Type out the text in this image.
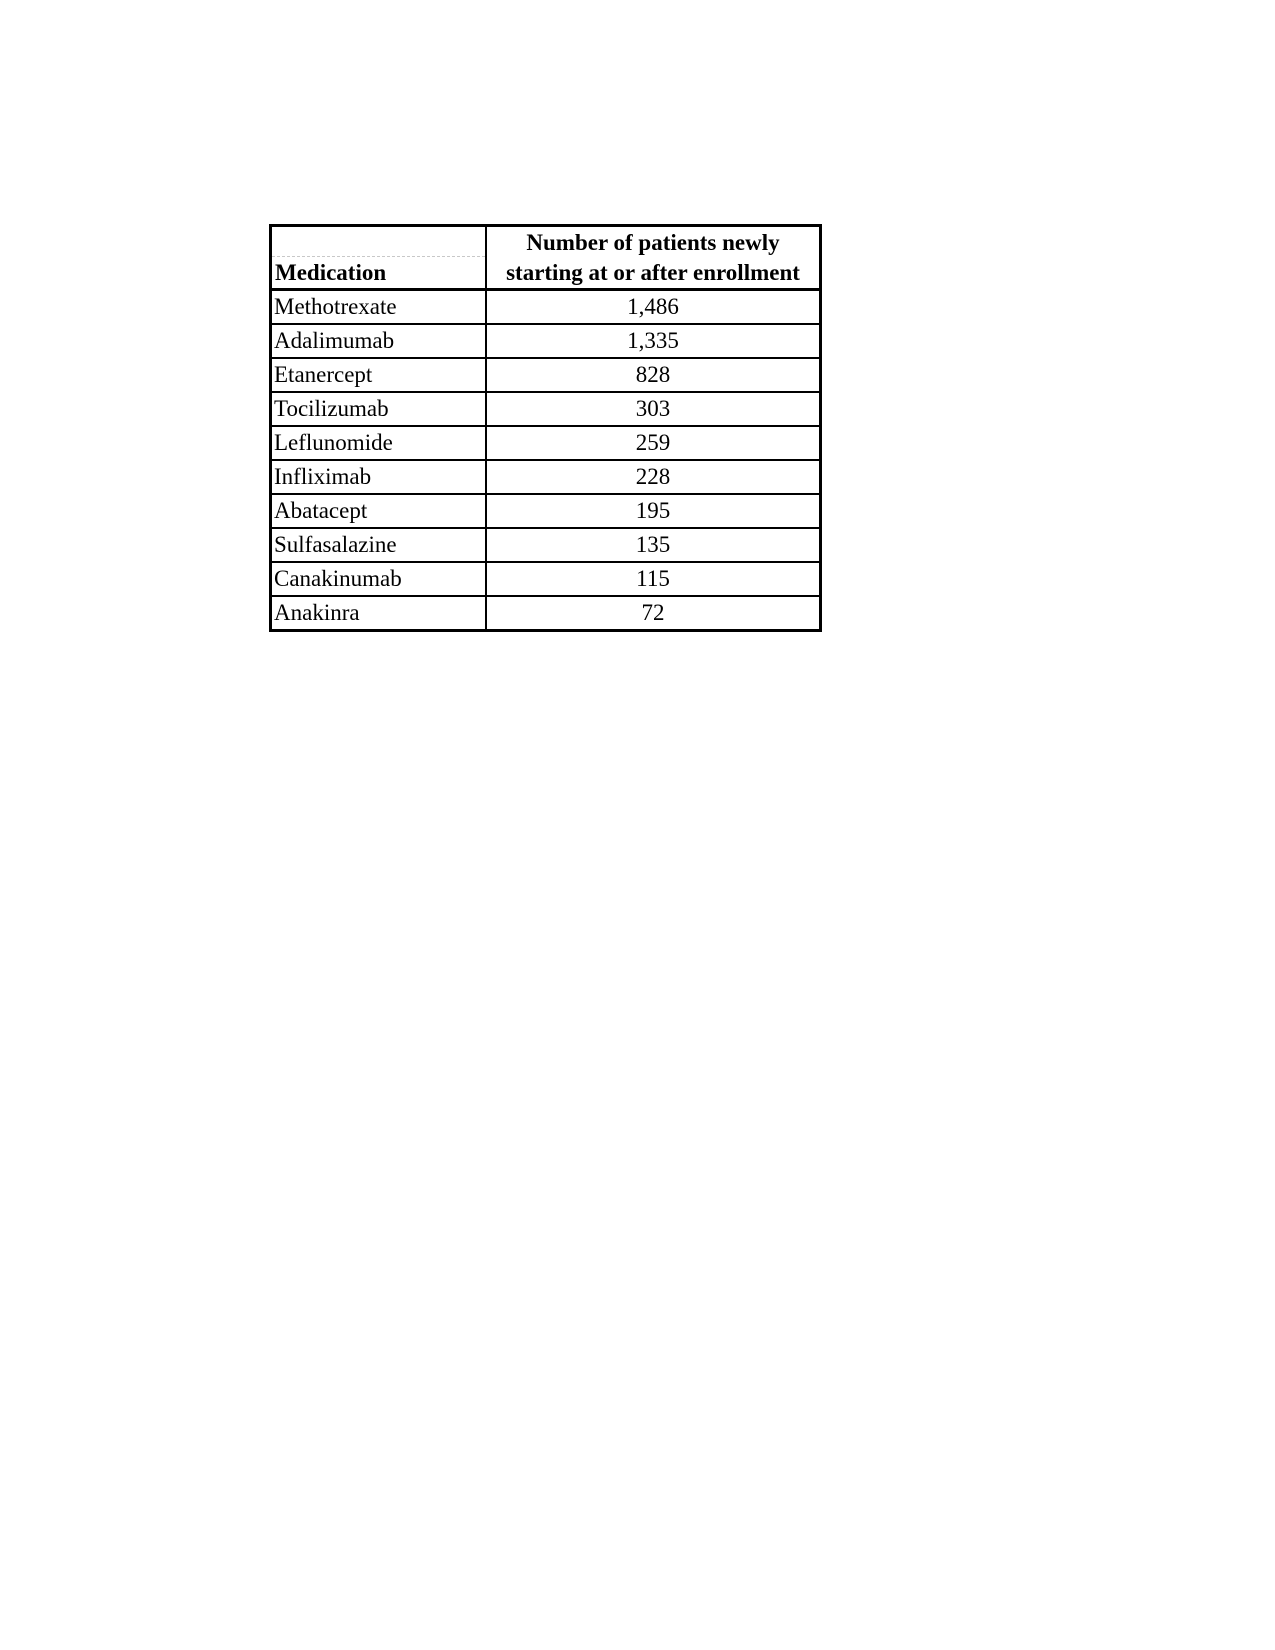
Medication	Number of patients newly
starting at or after enrollment

Methotrexate	1,486
Adalimumab	1,335
Etanercept	828
Tocilizumab	303
Leflunomide	259
Infliximab	228
Abatacept	195
Sulfasalazine	135
Canakinumab	115
Anakinra	72
